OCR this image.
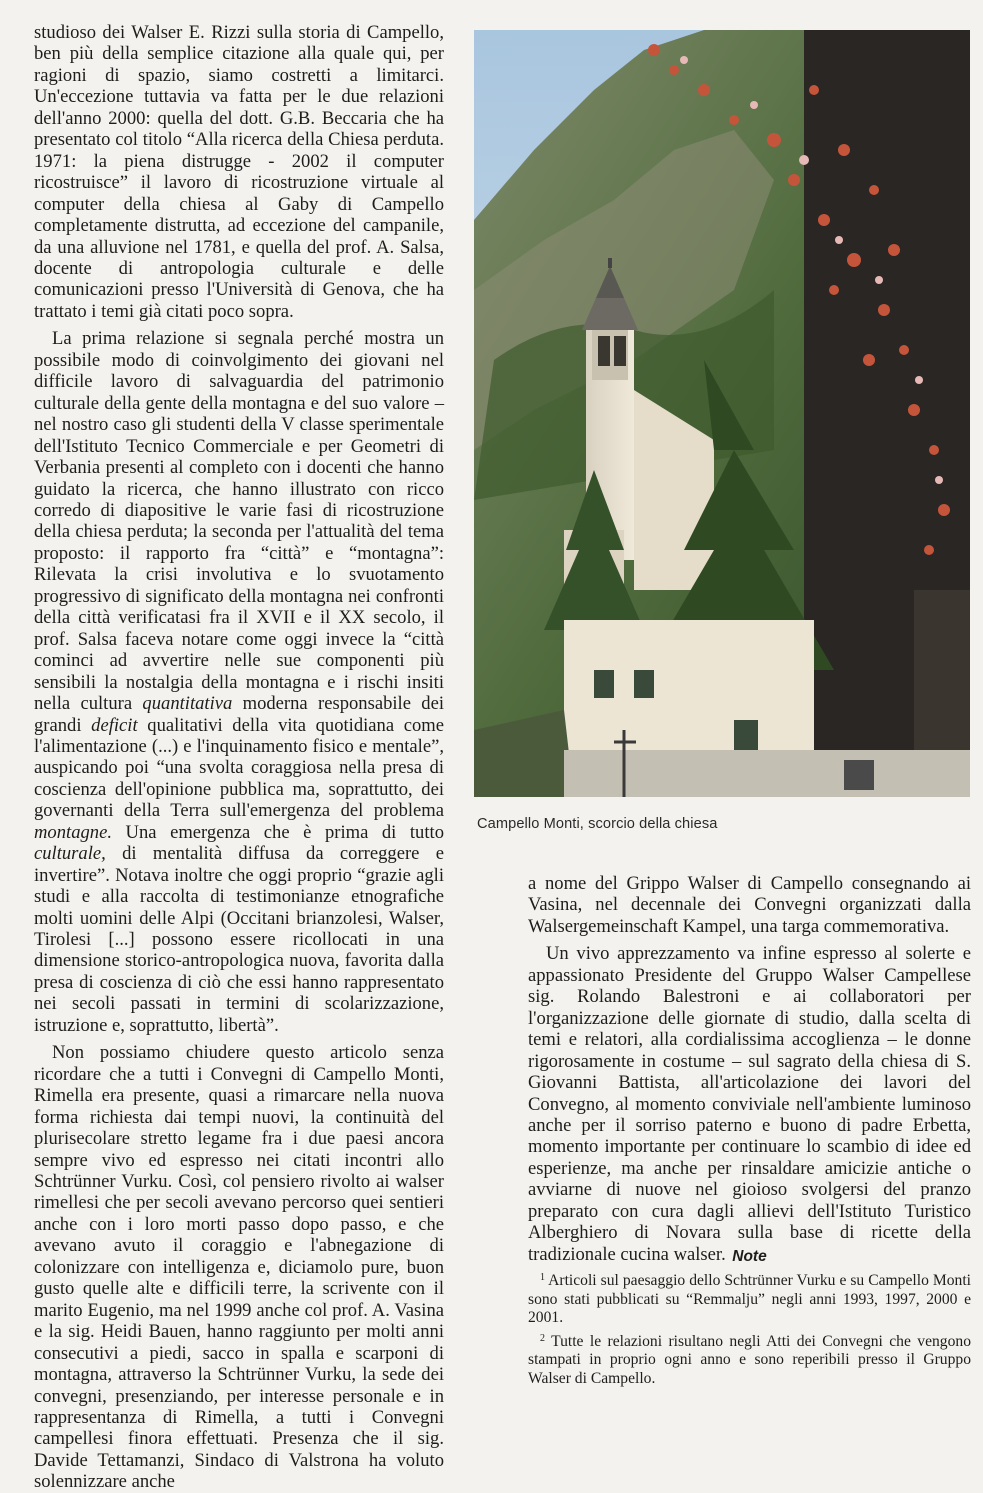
studioso dei Walser E. Rizzi sulla storia di Campello, ben più della semplice citazione alla quale qui, per ragioni di spazio, siamo costretti a limitarci. Un'eccezione tuttavia va fatta per le due relazioni dell'anno 2000: quella del dott. G.B. Beccaria che ha presentato col titolo “Alla ricerca della Chiesa perduta. 1971: la piena distrugge - 2002 il computer ricostruisce” il lavoro di ricostruzione virtuale al computer della chiesa al Gaby di Campello completamente distrutta, ad eccezione del campanile, da una alluvione nel 1781, e quella del prof. A. Salsa, docente di antropologia culturale e delle comunicazioni presso l'Università di Genova, che ha trattato i temi già citati poco sopra.

La prima relazione si segnala perché mostra un possibile modo di coinvolgimento dei giovani nel difficile lavoro di salvaguardia del patrimonio culturale della gente della montagna e del suo valore – nel nostro caso gli studenti della V classe sperimentale dell'Istituto Tecnico Commerciale e per Geometri di Verbania presenti al completo con i docenti che hanno guidato la ricerca, che hanno illustrato con ricco corredo di diapositive le varie fasi di ricostruzione della chiesa perduta; la seconda per l'attualità del tema proposto: il rapporto fra “città” e “montagna”: Rilevata la crisi involutiva e lo svuotamento progressivo di significato della montagna nei confronti della città verificatasi fra il XVII e il XX secolo, il prof. Salsa faceva notare come oggi invece la “città cominci ad avvertire nelle sue componenti più sensibili la nostalgia della montagna e i rischi insiti nella cultura quantitativa moderna responsabile dei grandi deficit qualitativi della vita quotidiana come l'alimentazione (...) e l'inquinamento fisico e mentale”, auspicando poi “una svolta coraggiosa nella presa di coscienza dell'opinione pubblica ma, soprattutto, dei governanti della Terra sull'emergenza del problema montagne. Una emergenza che è prima di tutto culturale, di mentalità diffusa da correggere e invertire”. Notava inoltre che oggi proprio “grazie agli studi e alla raccolta di testimonianze etnografiche molti uomini delle Alpi (Occitani brianzolesi, Walser, Tirolesi [...] possono essere ricollocati in una dimensione storico-antropologica nuova, favorita dalla presa di coscienza di ciò che essi hanno rappresentato nei secoli passati in termini di scolarizzazione, istruzione e, soprattutto, libertà”.

Non possiamo chiudere questo articolo senza ricordare che a tutti i Convegni di Campello Monti, Rimella era presente, quasi a rimarcare nella nuova forma richiesta dai tempi nuovi, la continuità del plurisecolare stretto legame fra i due paesi ancora sempre vivo ed espresso nei citati incontri allo Schtrünner Vurku. Così, col pensiero rivolto ai walser rimellesi che per secoli avevano percorso quei sentieri anche con i loro morti passo dopo passo, e che avevano avuto il coraggio e l'abnegazione di colonizzare con intelligenza e, diciamolo pure, buon gusto quelle alte e difficili terre, la scrivente con il marito Eugenio, ma nel 1999 anche col prof. A. Vasina e la sig. Heidi Bauen, hanno raggiunto per molti anni consecutivi a piedi, sacco in spalla e scarponi di montagna, attraverso la Schtrünner Vurku, la sede dei convegni, presenziando, per interesse personale e in rappresentanza di Rimella, a tutti i Convegni campellesi finora effettuati. Presenza che il sig. Davide Tettamanzi, Sindaco di Valstrona ha voluto solennizzare anche

Campello Monti, scorcio della chiesa

a nome del Grippo Walser di Campello consegnando ai Vasina, nel decennale dei Convegni organizzati dalla Walsergemeinschaft Kampel, una targa commemorativa.

Un vivo apprezzamento va infine espresso al solerte e appassionato Presidente del Gruppo Walser Campellese sig. Rolando Balestroni e ai collaboratori per l'organizzazione delle giornate di studio, dalla scelta di temi e relatori, alla cordialissima accoglienza – le donne rigorosamente in costume – sul sagrato della chiesa di S. Giovanni Battista, all'articolazione dei lavori del Convegno, al momento conviviale nell'ambiente luminoso anche per il sorriso paterno e buono di padre Erbetta, momento importante per continuare lo scambio di idee ed esperienze, ma anche per rinsaldare amicizie antiche o avviarne di nuove nel gioioso svolgersi del pranzo preparato con cura dagli allievi dell'Istituto Turistico Alberghiero di Novara sulla base di ricette della tradizionale cucina walser. Note

$^1$ Articoli sul paesaggio dello Schtrünner Vurku e su Campello Monti sono stati pubblicati su “Remmalju” negli anni 1993, 1997, 2000 e 2001.

$^2$ Tutte le relazioni risultano negli Atti dei Convegni che vengono stampati in proprio ogni anno e sono reperibili presso il Gruppo Walser di Campello.
